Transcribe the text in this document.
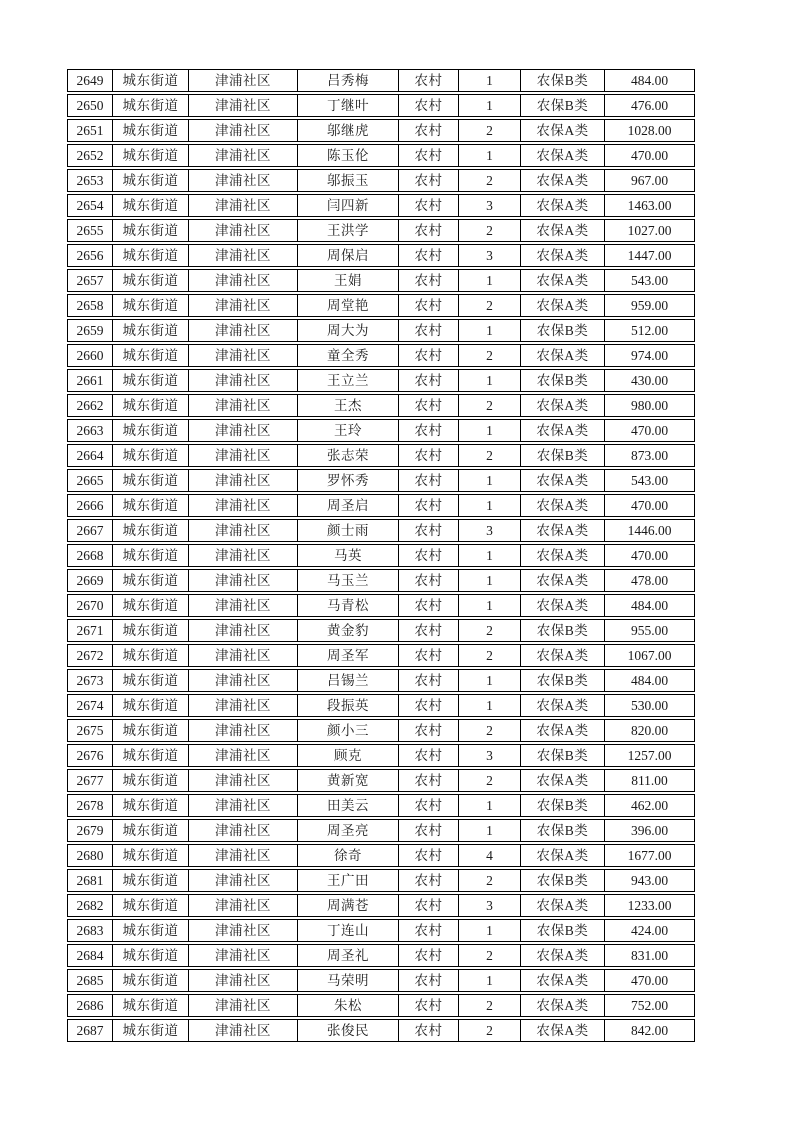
2649	城东街道	津浦社区	吕秀梅	农村	1	农保B类	484.00
2650	城东街道	津浦社区	丁继叶	农村	1	农保B类	476.00
2651	城东街道	津浦社区	邬继虎	农村	2	农保A类	1028.00
2652	城东街道	津浦社区	陈玉伦	农村	1	农保A类	470.00
2653	城东街道	津浦社区	邬振玉	农村	2	农保A类	967.00
2654	城东街道	津浦社区	闫四新	农村	3	农保A类	1463.00
2655	城东街道	津浦社区	王洪学	农村	2	农保A类	1027.00
2656	城东街道	津浦社区	周保启	农村	3	农保A类	1447.00
2657	城东街道	津浦社区	王娟	农村	1	农保A类	543.00
2658	城东街道	津浦社区	周堂艳	农村	2	农保A类	959.00
2659	城东街道	津浦社区	周大为	农村	1	农保B类	512.00
2660	城东街道	津浦社区	童全秀	农村	2	农保A类	974.00
2661	城东街道	津浦社区	王立兰	农村	1	农保B类	430.00
2662	城东街道	津浦社区	王杰	农村	2	农保A类	980.00
2663	城东街道	津浦社区	王玲	农村	1	农保A类	470.00
2664	城东街道	津浦社区	张志荣	农村	2	农保B类	873.00
2665	城东街道	津浦社区	罗怀秀	农村	1	农保A类	543.00
2666	城东街道	津浦社区	周圣启	农村	1	农保A类	470.00
2667	城东街道	津浦社区	颜士雨	农村	3	农保A类	1446.00
2668	城东街道	津浦社区	马英	农村	1	农保A类	470.00
2669	城东街道	津浦社区	马玉兰	农村	1	农保A类	478.00
2670	城东街道	津浦社区	马青松	农村	1	农保A类	484.00
2671	城东街道	津浦社区	黄金豹	农村	2	农保B类	955.00
2672	城东街道	津浦社区	周圣军	农村	2	农保A类	1067.00
2673	城东街道	津浦社区	吕锡兰	农村	1	农保B类	484.00
2674	城东街道	津浦社区	段振英	农村	1	农保A类	530.00
2675	城东街道	津浦社区	颜小三	农村	2	农保A类	820.00
2676	城东街道	津浦社区	顾克	农村	3	农保B类	1257.00
2677	城东街道	津浦社区	黄新宽	农村	2	农保A类	811.00
2678	城东街道	津浦社区	田美云	农村	1	农保B类	462.00
2679	城东街道	津浦社区	周圣亮	农村	1	农保B类	396.00
2680	城东街道	津浦社区	徐奇	农村	4	农保A类	1677.00
2681	城东街道	津浦社区	王广田	农村	2	农保B类	943.00
2682	城东街道	津浦社区	周满苍	农村	3	农保A类	1233.00
2683	城东街道	津浦社区	丁连山	农村	1	农保B类	424.00
2684	城东街道	津浦社区	周圣礼	农村	2	农保A类	831.00
2685	城东街道	津浦社区	马荣明	农村	1	农保A类	470.00
2686	城东街道	津浦社区	朱松	农村	2	农保A类	752.00
2687	城东街道	津浦社区	张俊民	农村	2	农保A类	842.00
